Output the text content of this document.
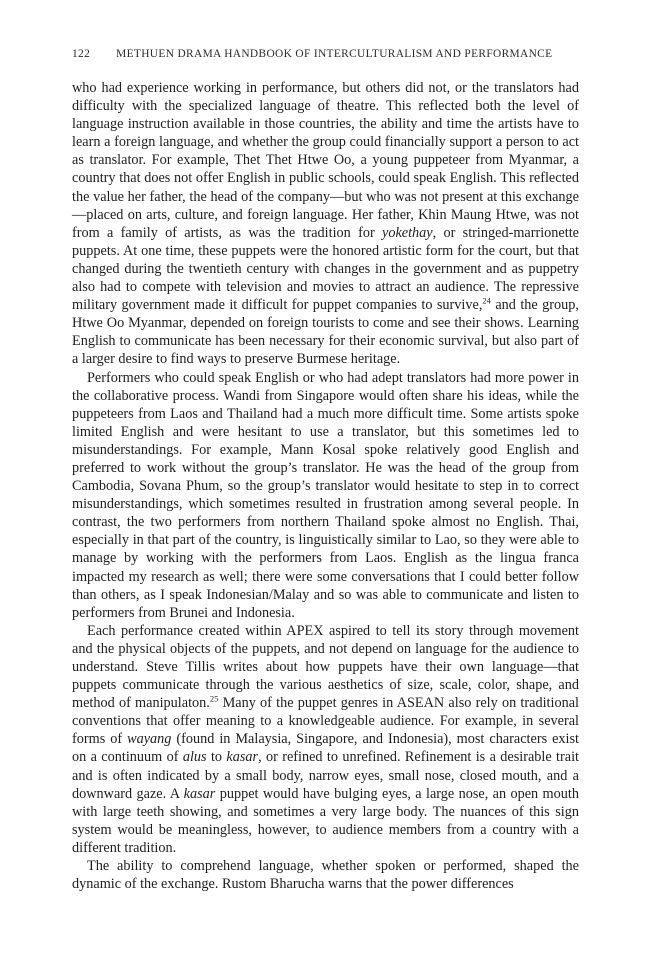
122 METHUEN DRAMA HANDBOOK OF INTERCULTURALISM AND PERFORMANCE

who had experience working in performance, but others did not, or the translators had difficulty with the specialized language of theatre. This reflected both the level of language instruction available in those countries, the ability and time the artists have to learn a foreign language, and whether the group could financially support a person to act as translator. For example, Thet Thet Htwe Oo, a young puppeteer from Myanmar, a country that does not offer English in public schools, could speak English. This reflected the value her father, the head of the company—but who was not present at this exchange—placed on arts, culture, and foreign language. Her father, Khin Maung Htwe, was not from a family of artists, as was the tradition for yokethay, or stringed-marrionette puppets. At one time, these puppets were the honored artistic form for the court, but that changed during the twentieth century with changes in the government and as puppetry also had to compete with television and movies to attract an audience. The repressive military government made it difficult for puppet companies to survive,$^{24}$ and the group, Htwe Oo Myanmar, depended on foreign tourists to come and see their shows. Learning English to communicate has been necessary for their economic survival, but also part of a larger desire to find ways to preserve Burmese heritage.

Performers who could speak English or who had adept translators had more power in the collaborative process. Wandi from Singapore would often share his ideas, while the puppeteers from Laos and Thailand had a much more difficult time. Some artists spoke limited English and were hesitant to use a translator, but this sometimes led to misunderstandings. For example, Mann Kosal spoke relatively good English and preferred to work without the group’s translator. He was the head of the group from Cambodia, Sovana Phum, so the group’s translator would hesitate to step in to correct misunderstandings, which sometimes resulted in frustration among several people. In contrast, the two performers from northern Thailand spoke almost no English. Thai, especially in that part of the country, is linguistically similar to Lao, so they were able to manage by working with the performers from Laos. English as the lingua franca impacted my research as well; there were some conversations that I could better follow than others, as I speak Indonesian/Malay and so was able to communicate and listen to performers from Brunei and Indonesia.

Each performance created within APEX aspired to tell its story through movement and the physical objects of the puppets, and not depend on language for the audience to understand. Steve Tillis writes about how puppets have their own language—that puppets communicate through the various aesthetics of size, scale, color, shape, and method of manipulaton.$^{25}$ Many of the puppet genres in ASEAN also rely on traditional conventions that offer meaning to a knowledgeable audience. For example, in several forms of wayang (found in Malaysia, Singapore, and Indonesia), most characters exist on a continuum of alus to kasar, or refined to unrefined. Refinement is a desirable trait and is often indicated by a small body, narrow eyes, small nose, closed mouth, and a downward gaze. A kasar puppet would have bulging eyes, a large nose, an open mouth with large teeth showing, and sometimes a very large body. The nuances of this sign system would be meaningless, however, to audience members from a country with a different tradition.

The ability to comprehend language, whether spoken or performed, shaped the dynamic of the exchange. Rustom Bharucha warns that the power differences
